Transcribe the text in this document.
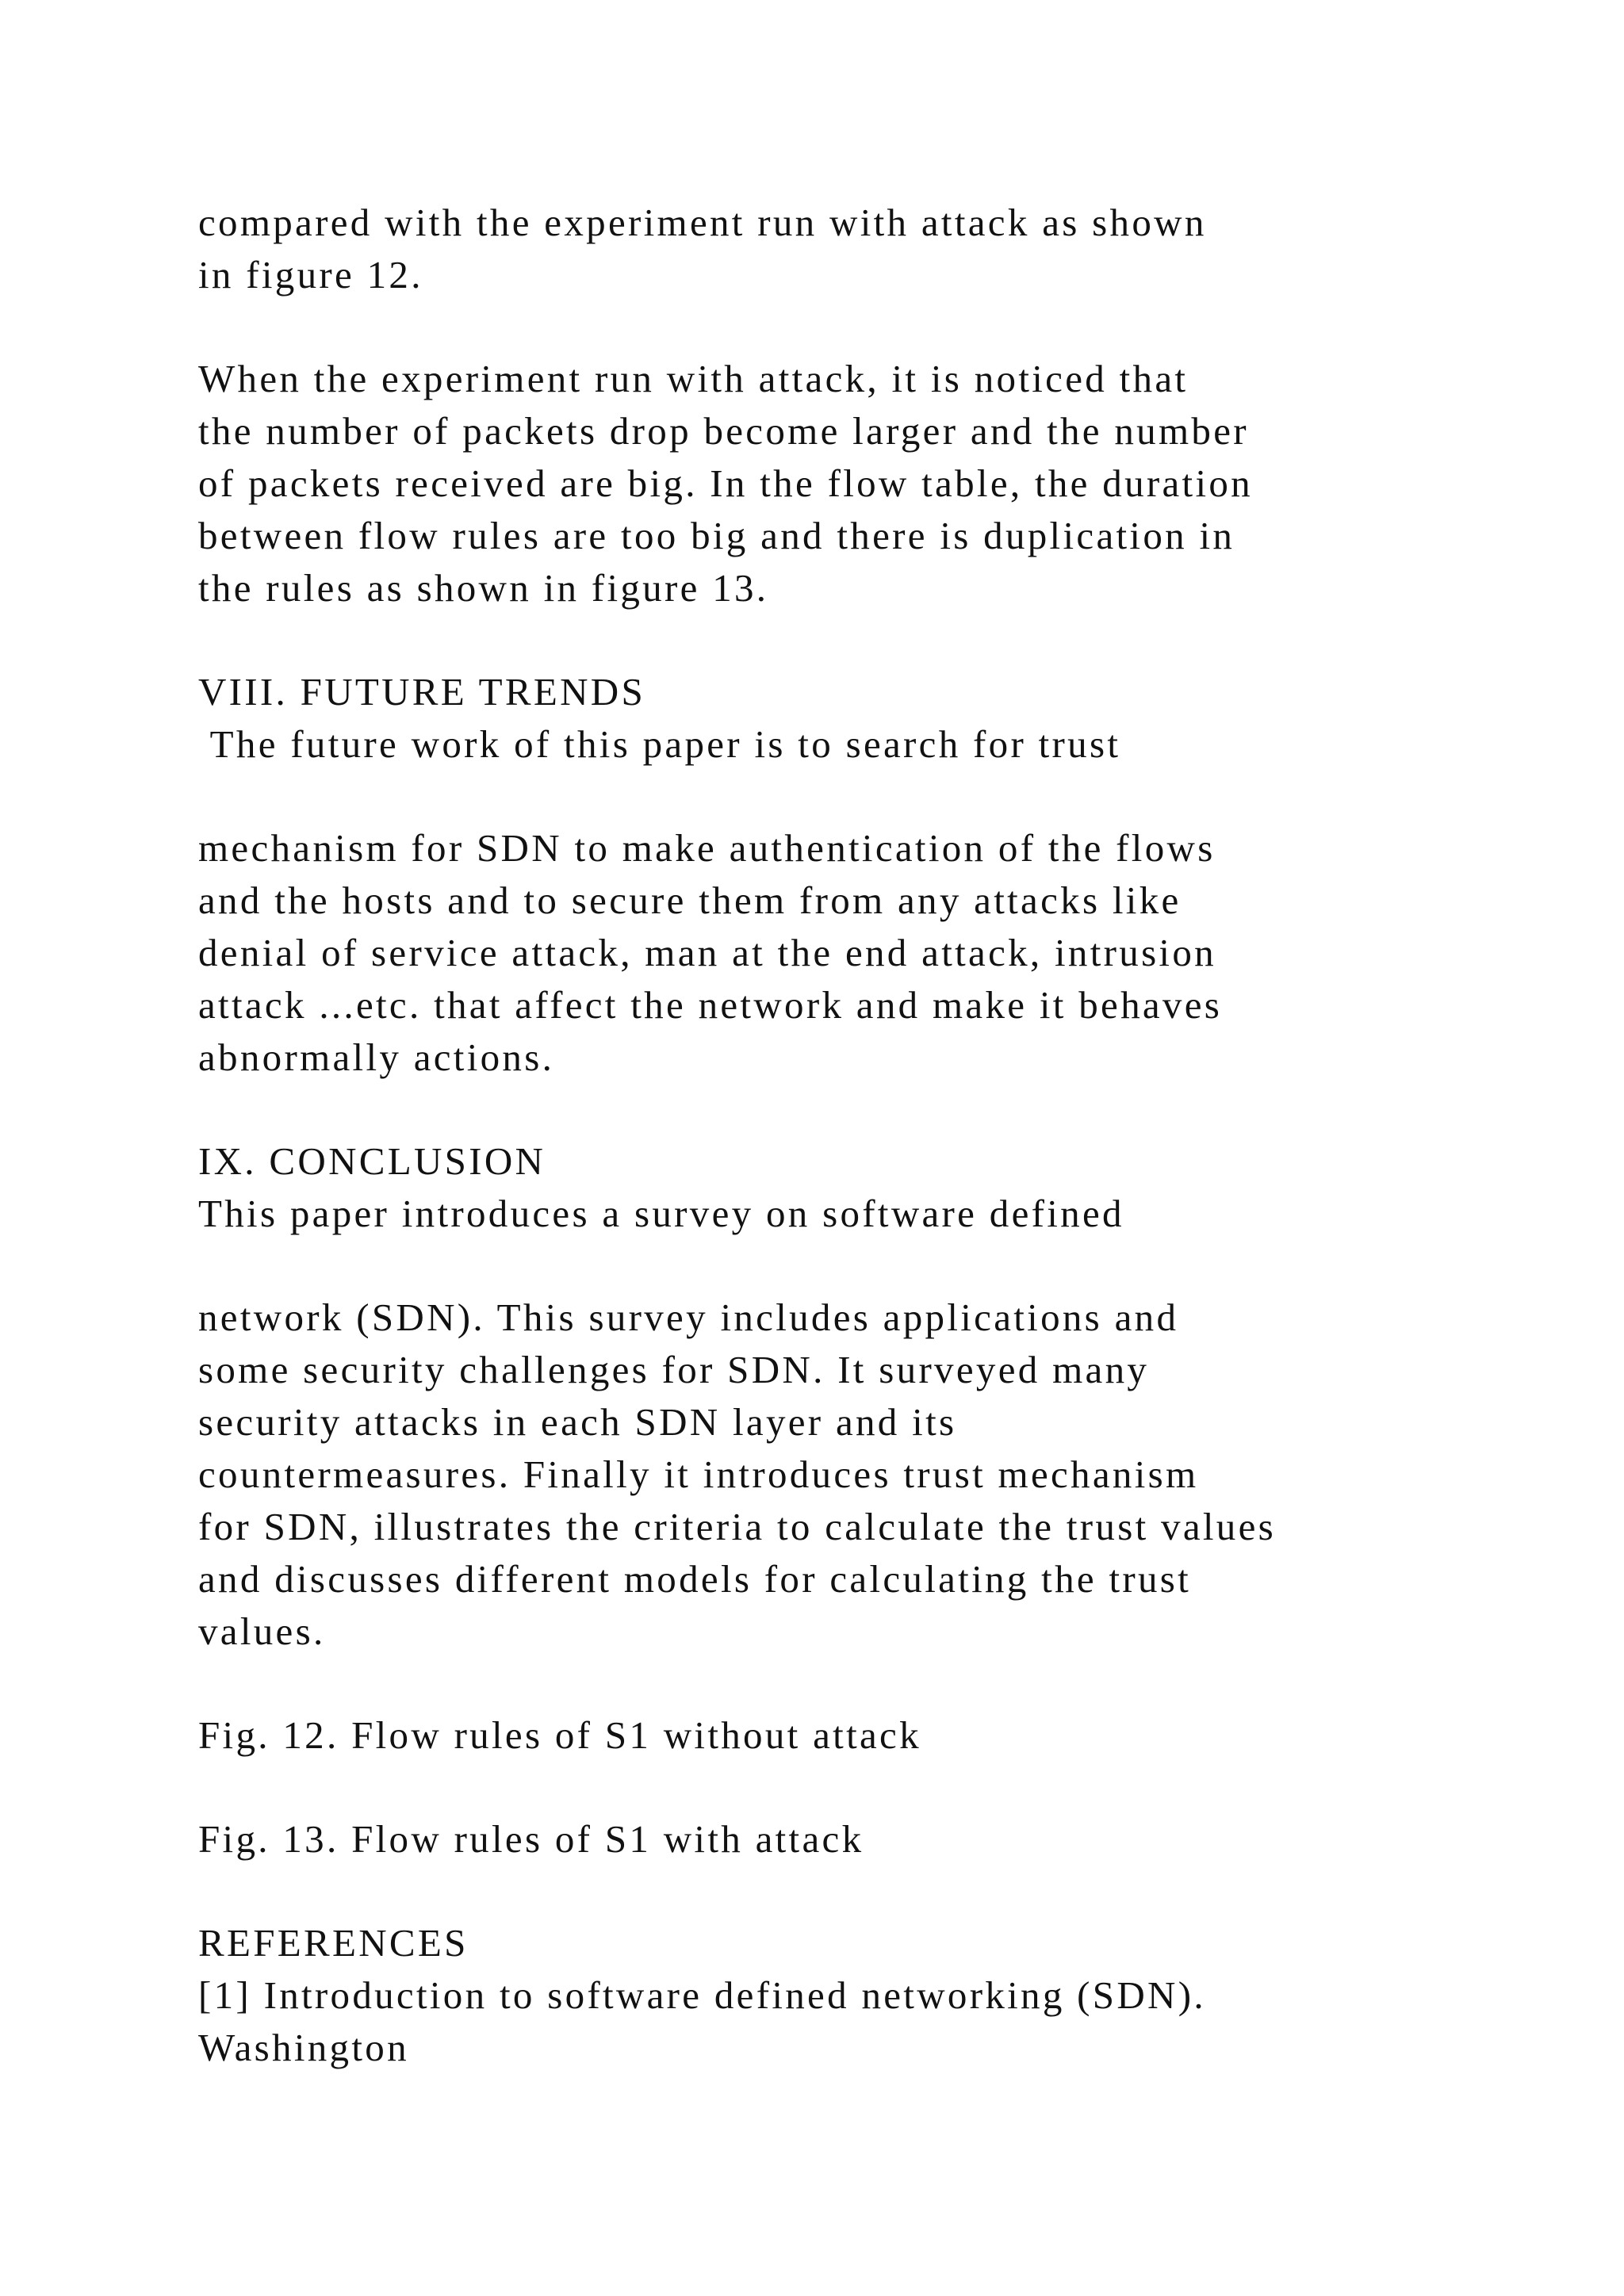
compared with the experiment run with attack as shown
in figure 12.
When the experiment run with attack, it is noticed that
the number of packets drop become larger and the number
of packets received are big. In the flow table, the duration
between flow rules are too big and there is duplication in
the rules as shown in figure 13.
VIII. FUTURE TRENDS
The future work of this paper is to search for trust
mechanism for SDN to make authentication of the flows
and the hosts and to secure them from any attacks like
denial of service attack, man at the end attack, intrusion
attack ...etc. that affect the network and make it behaves
abnormally actions.
IX. CONCLUSION
This paper introduces a survey on software defined
network (SDN). This survey includes applications and
some security challenges for SDN. It surveyed many
security attacks in each SDN layer and its
countermeasures. Finally it introduces trust mechanism
for SDN, illustrates the criteria to calculate the trust values
and discusses different models for calculating the trust
values.
Fig. 12. Flow rules of S1 without attack
Fig. 13. Flow rules of S1 with attack
REFERENCES
[1] Introduction to software defined networking (SDN).
Washington
